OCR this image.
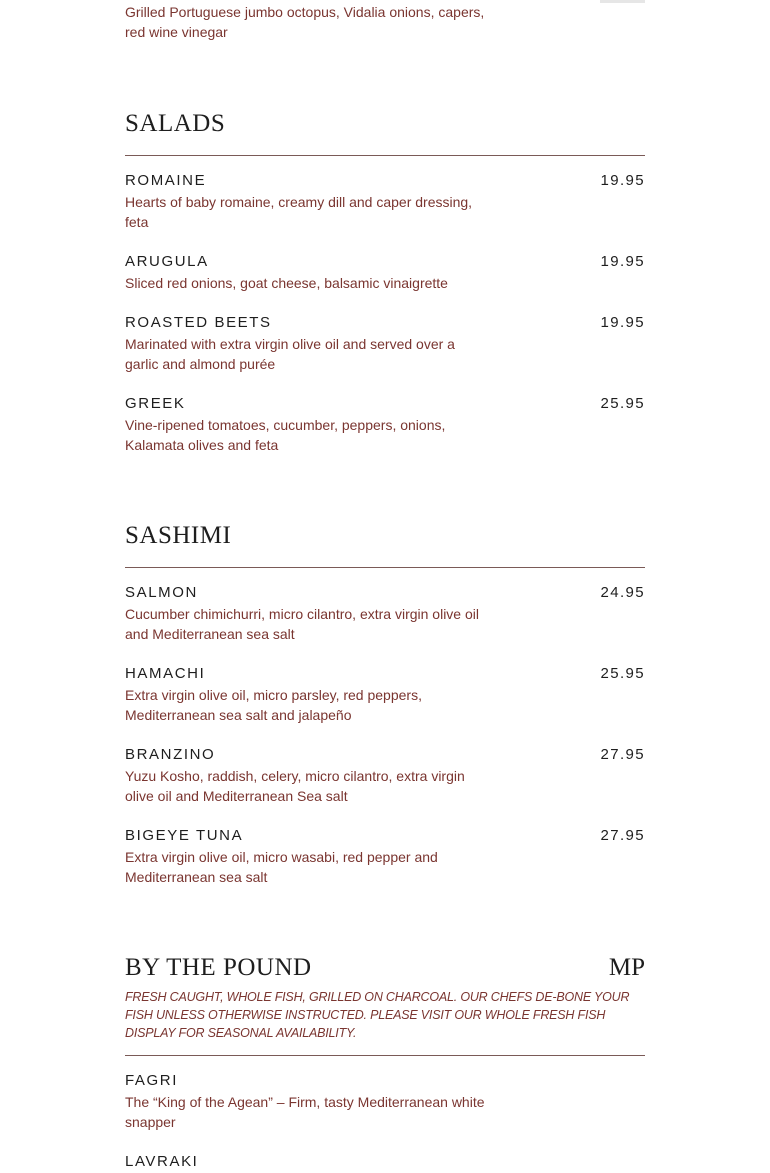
Grilled Portuguese jumbo octopus, Vidalia onions, capers, red wine vinegar

SALADS
ROMAINE	19.95

Hearts of baby romaine, creamy dill and caper dressing, feta

ARUGULA	19.95

Sliced red onions, goat cheese, balsamic vinaigrette

ROASTED BEETS	19.95

Marinated with extra virgin olive oil and served over a garlic and almond purée

GREEK	25.95

Vine-ripened tomatoes, cucumber, peppers, onions, Kalamata olives and feta

SASHIMI
SALMON	24.95

Cucumber chimichurri, micro cilantro, extra virgin olive oil and Mediterranean sea salt

HAMACHI	25.95

Extra virgin olive oil, micro parsley, red peppers, Mediterranean sea salt and jalapeño

BRANZINO	27.95

Yuzu Kosho, raddish, celery, micro cilantro, extra virgin olive oil and Mediterranean Sea salt

BIGEYE TUNA	27.95

Extra virgin olive oil, micro wasabi, red pepper and Mediterranean sea salt

BY THE POUND	MP
FRESH CAUGHT, WHOLE FISH, GRILLED ON CHARCOAL. OUR CHEFS DE-BONE YOUR FISH UNLESS OTHERWISE INSTRUCTED. PLEASE VISIT OUR WHOLE FRESH FISH DISPLAY FOR SEASONAL AVAILABILITY.
FAGRI

The “King of the Agean” – Firm, tasty Mediterranean white snapper

LAVRAKI
